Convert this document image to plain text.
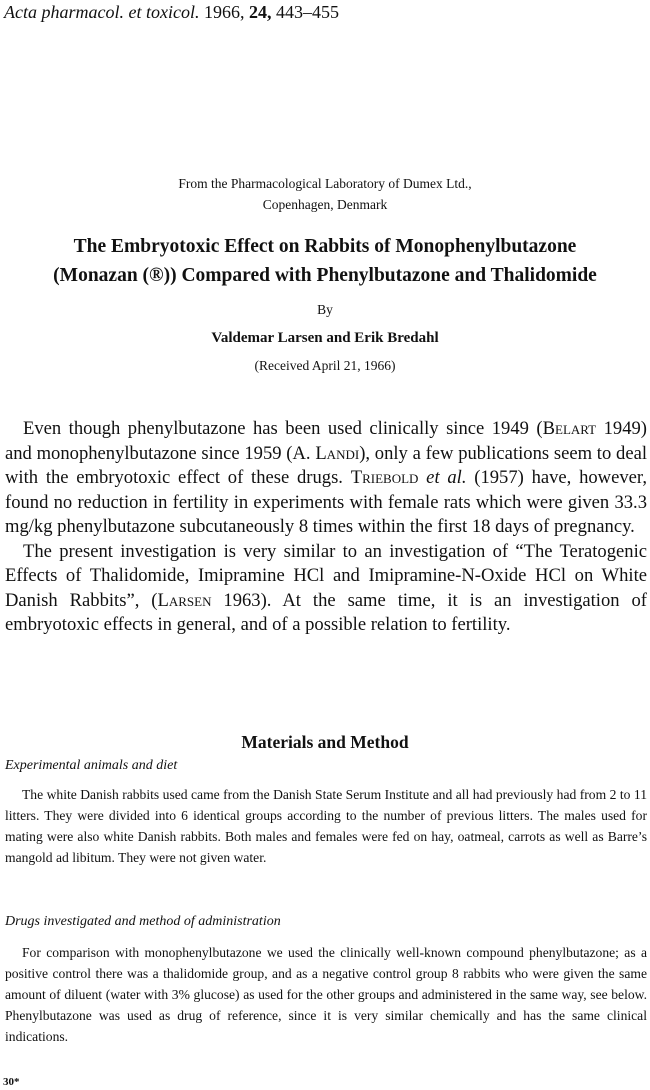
Acta pharmacol. et toxicol. 1966, 24, 443–455
From the Pharmacological Laboratory of Dumex Ltd.,
Copenhagen, Denmark
The Embryotoxic Effect on Rabbits of Monophenylbutazone
(Monazan (®)) Compared with Phenylbutazone and Thalidomide
By
Valdemar Larsen and Erik Bredahl
(Received April 21, 1966)

Even though phenylbutazone has been used clinically since 1949 (Belart 1949) and monophenylbutazone since 1959 (A. Landi), only a few publications seem to deal with the embryotoxic effect of these drugs. Triebold et al. (1957) have, however, found no reduction in fertility in experiments with female rats which were given 33.3 mg/kg phenylbutazone subcutaneously 8 times within the first 18 days of pregnancy.

The present investigation is very similar to an investigation of “The Teratogenic Effects of Thalidomide, Imipramine HCl and Imipramine-N-Oxide HCl on White Danish Rabbits”, (Larsen 1963). At the same time, it is an investigation of embryotoxic effects in general, and of a possible relation to fertility.

Materials and Method
Experimental animals and diet

The white Danish rabbits used came from the Danish State Serum Institute and all had previously had from 2 to 11 litters. They were divided into 6 identical groups according to the number of previous litters. The males used for mating were also white Danish rabbits. Both males and females were fed on hay, oatmeal, carrots as well as Barre’s mangold ad libitum. They were not given water.

Drugs investigated and method of administration

For comparison with monophenylbutazone we used the clinically well-known compound phenylbutazone; as a positive control there was a thalidomide group, and as a negative control group 8 rabbits who were given the same amount of diluent (water with 3% glucose) as used for the other groups and administered in the same way, see below. Phenylbutazone was used as drug of reference, since it is very similar chemically and has the same clinical indications.

30*
